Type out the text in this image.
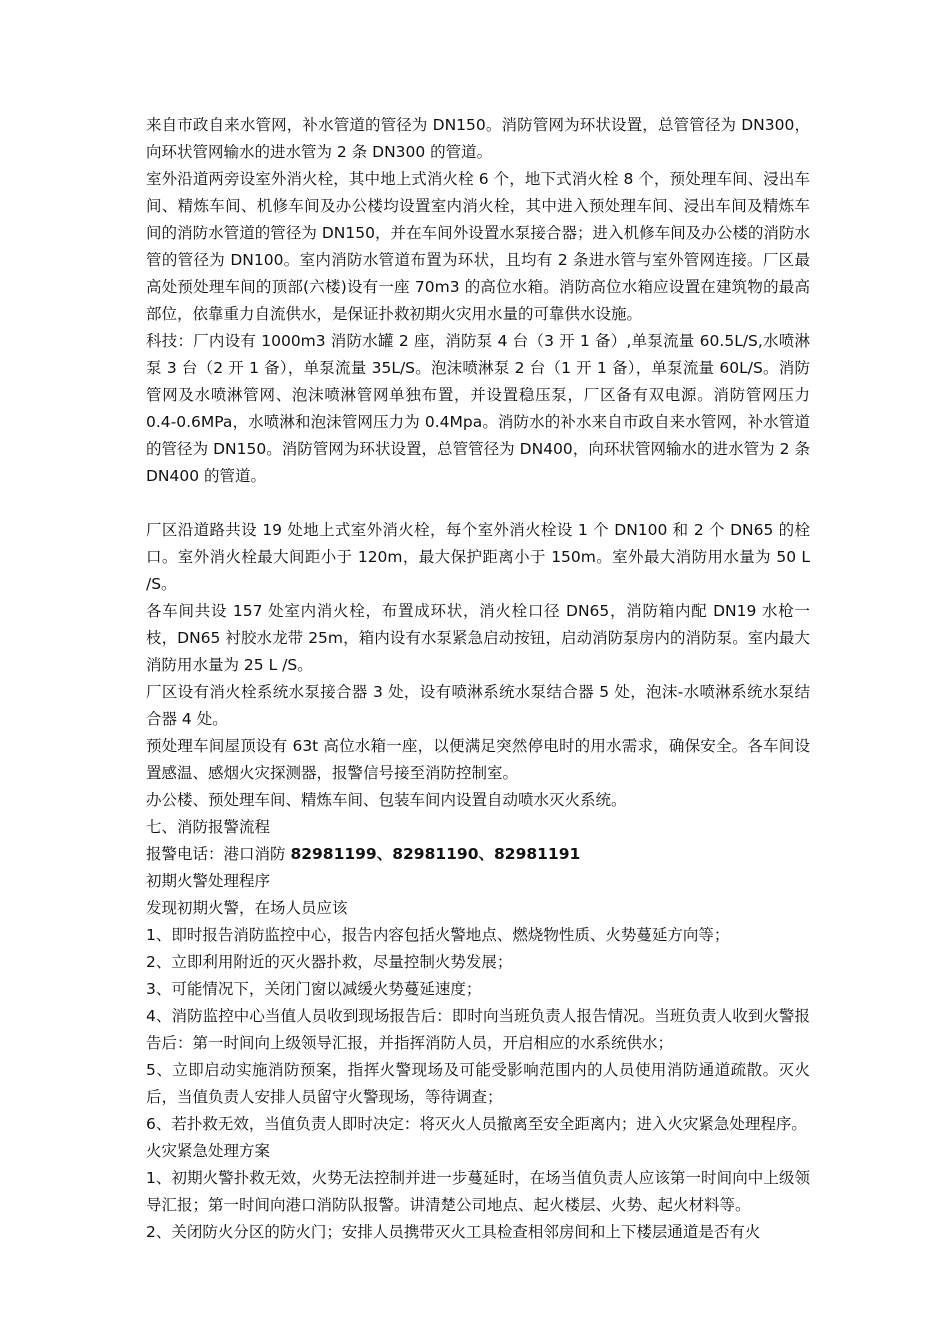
来自市政自来水管网，补水管道的管径为 DN150。消防管网为环状设置，总管管径为 DN300，向环状管网输水的进水管为 2 条 DN300 的管道。

室外沿道两旁设室外消火栓，其中地上式消火栓 6 个，地下式消火栓 8 个，预处理车间、浸出车间、精炼车间、机修车间及办公楼均设置室内消火栓，其中进入预处理车间、浸出车间及精炼车间的消防水管道的管径为 DN150，并在车间外设置水泵接合器；进入机修车间及办公楼的消防水管的管径为 DN100。室内消防水管道布置为环状，且均有 2 条进水管与室外管网连接。厂区最高处预处理车间的顶部(六楼)设有一座 70m3 的高位水箱。消防高位水箱应设置在建筑物的最高部位，依靠重力自流供水，是保证扑救初期火灾用水量的可靠供水设施。

科技：厂内设有 1000m3 消防水罐 2 座，消防泵 4 台（3 开 1 备）,单泵流量 60.5L/S,水喷淋泵 3 台（2 开 1 备），单泵流量 35L/S。泡沫喷淋泵 2 台（1 开 1 备），单泵流量 60L/S。消防管网及水喷淋管网、泡沫喷淋管网单独布置，并设置稳压泵，厂区备有双电源。消防管网压力 0.4-0.6MPa，水喷淋和泡沫管网压力为 0.4Mpa。消防水的补水来自市政自来水管网，补水管道的管径为 DN150。消防管网为环状设置，总管管径为 DN400，向环状管网输水的进水管为 2 条 DN400 的管道。

厂区沿道路共设 19 处地上式室外消火栓，每个室外消火栓设 1 个 DN100 和 2 个 DN65 的栓口。室外消火栓最大间距小于 120m，最大保护距离小于 150m。室外最大消防用水量为 50 L /S。

各车间共设 157 处室内消火栓，布置成环状，消火栓口径 DN65，消防箱内配 DN19 水枪一枝，DN65 衬胶水龙带 25m，箱内设有水泵紧急启动按钮，启动消防泵房内的消防泵。室内最大消防用水量为 25 L /S。

厂区设有消火栓系统水泵接合器 3 处，设有喷淋系统水泵结合器 5 处，泡沫-水喷淋系统水泵结合器 4 处。

预处理车间屋顶设有 63t 高位水箱一座，以便满足突然停电时的用水需求，确保安全。各车间设置感温、感烟火灾探测器，报警信号接至消防控制室。

办公楼、预处理车间、精炼车间、包装车间内设置自动喷水灭火系统。

七、消防报警流程

报警电话：港口消防 82981199、82981190、82981191

初期火警处理程序

发现初期火警，在场人员应该

1、即时报告消防监控中心，报告内容包括火警地点、燃烧物性质、火势蔓延方向等；

2、立即利用附近的灭火器扑救，尽量控制火势发展；

3、可能情况下，关闭门窗以减缓火势蔓延速度；

4、消防监控中心当值人员收到现场报告后：即时向当班负责人报告情况。当班负责人收到火警报告后：第一时间向上级领导汇报，并指挥消防人员，开启相应的水系统供水；

5、立即启动实施消防预案，指挥火警现场及可能受影响范围内的人员使用消防通道疏散。灭火后，当值负责人安排人员留守火警现场，等待调查；

6、若扑救无效，当值负责人即时决定：将灭火人员撤离至安全距离内；进入火灾紧急处理程序。

火灾紧急处理方案

1、初期火警扑救无效，火势无法控制并进一步蔓延时，在场当值负责人应该第一时间向中上级领导汇报；第一时间向港口消防队报警。讲清楚公司地点、起火楼层、火势、起火材料等。

2、关闭防火分区的防火门；安排人员携带灭火工具检查相邻房间和上下楼层通道是否有火
